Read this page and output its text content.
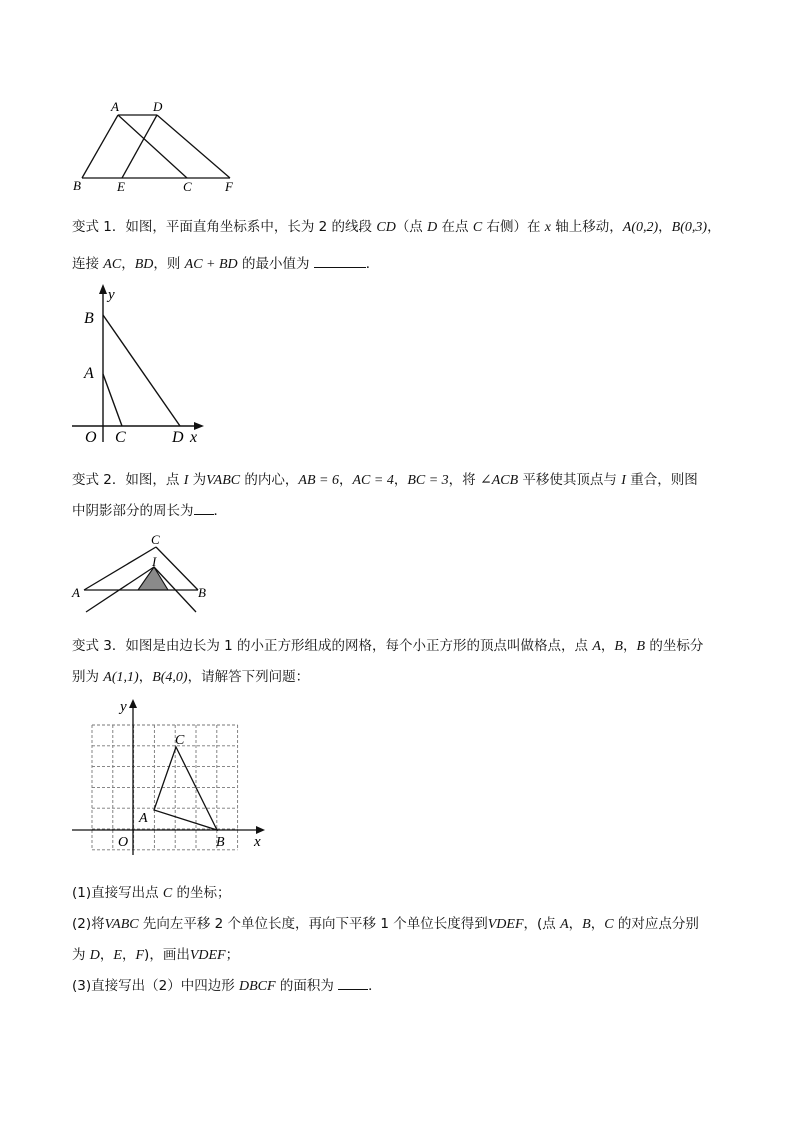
A	D
B	E	C	F
变式 1．如图，平面直角坐标系中，长为 2 的线段 CD（点 D 在点 C 右侧）在 x 轴上移动，A(0,2)，B(0,3)，
连接 AC，BD，则 AC + BD 的最小值为	．
y
B
A
O C	D x
变式 2．如图，点 I 为VABC 的内心，AB = 6，AC = 4，BC = 3，将 ∠ACB 平移使其顶点与 I 重合，则图
中阴影部分的周长为 ．
C
I
A	B
变式 3．如图是由边长为 1 的小正方形组成的网格，每个小正方形的顶点叫做格点，点 A，B，B 的坐标分
别为 A(1,1)，B(4,0)，请解答下列问题：
y
C
A
O	B x
(1)直接写出点 C 的坐标；
(2)将VABC 先向左平移 2 个单位长度，再向下平移 1 个单位长度得到VDEF，(点 A，B，C 的对应点分别
为 D，E，F)，画出VDEF；
(3)直接写出（2）中四边形 DBCF 的面积为 ．
